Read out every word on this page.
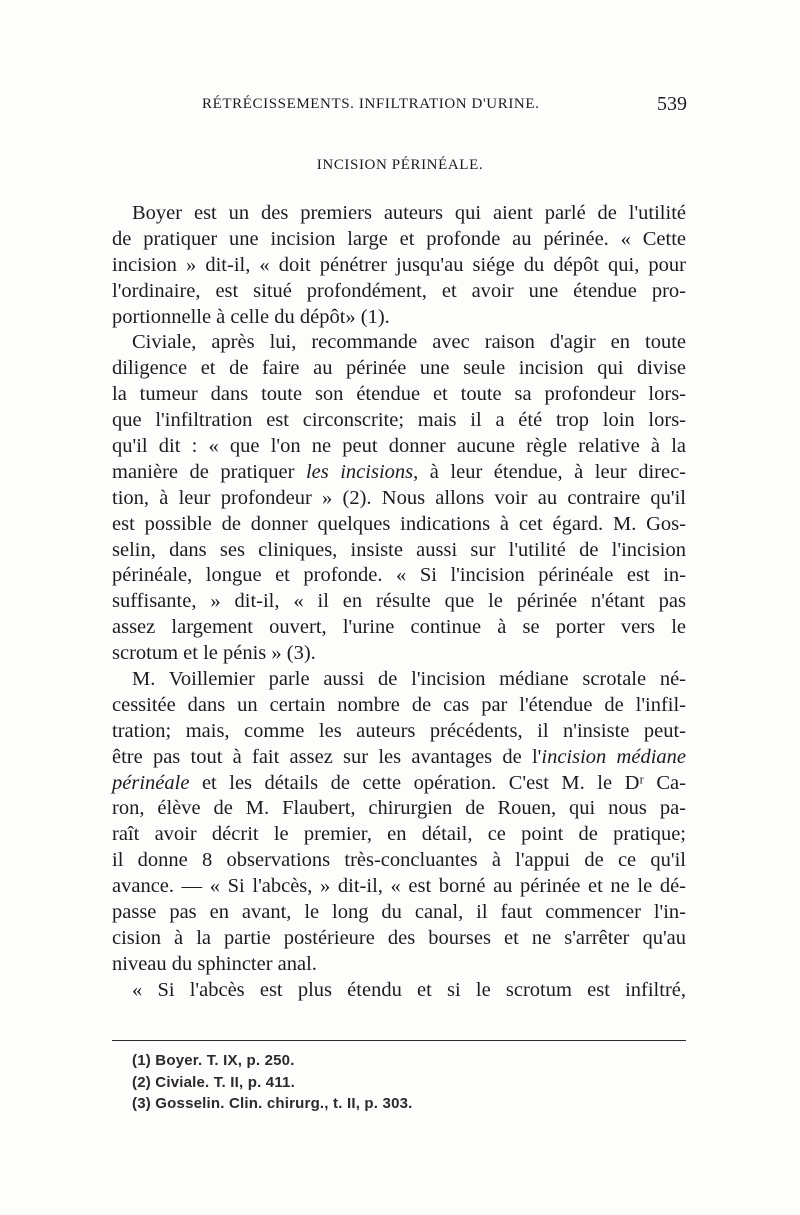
RÉTRÉCISSEMENTS. INFILTRATION D'URINE.	539
INCISION PÉRINÉALE.
Boyer est un des premiers auteurs qui aient parlé de l'utilité
de pratiquer une incision large et profonde au périnée. « Cette
incision » dit-il, « doit pénétrer jusqu'au siége du dépôt qui, pour
l'ordinaire, est situé profondément, et avoir une étendue pro-
portionnelle à celle du dépôt» (1).
Civiale, après lui, recommande avec raison d'agir en toute
diligence et de faire au périnée une seule incision qui divise
la tumeur dans toute son étendue et toute sa profondeur lors-
que l'infiltration est circonscrite; mais il a été trop loin lors-
qu'il dit : « que l'on ne peut donner aucune règle relative à la
manière de pratiquer les incisions, à leur étendue, à leur direc-
tion, à leur profondeur » (2). Nous allons voir au contraire qu'il
est possible de donner quelques indications à cet égard. M. Gos-
selin, dans ses cliniques, insiste aussi sur l'utilité de l'incision
périnéale, longue et profonde. « Si l'incision périnéale est in-
suffisante, » dit-il, « il en résulte que le périnée n'étant pas
assez largement ouvert, l'urine continue à se porter vers le
scrotum et le pénis » (3).
M. Voillemier parle aussi de l'incision médiane scrotale né-
cessitée dans un certain nombre de cas par l'étendue de l'infil-
tration; mais, comme les auteurs précédents, il n'insiste peut-
être pas tout à fait assez sur les avantages de l'incision médiane
périnéale et les détails de cette opération. C'est M. le Dʳ Ca-
ron, élève de M. Flaubert, chirurgien de Rouen, qui nous pa-
raît avoir décrit le premier, en détail, ce point de pratique;
il donne 8 observations très-concluantes à l'appui de ce qu'il
avance. — « Si l'abcès, » dit-il, « est borné au périnée et ne le dé-
passe pas en avant, le long du canal, il faut commencer l'in-
cision à la partie postérieure des bourses et ne s'arrêter qu'au
niveau du sphincter anal.
« Si l'abcès est plus étendu et si le scrotum est infiltré,
(1) Boyer. T. IX, p. 250.
(2) Civiale. T. II, p. 411.
(3) Gosselin. Clin. chirurg., t. II, p. 303.
